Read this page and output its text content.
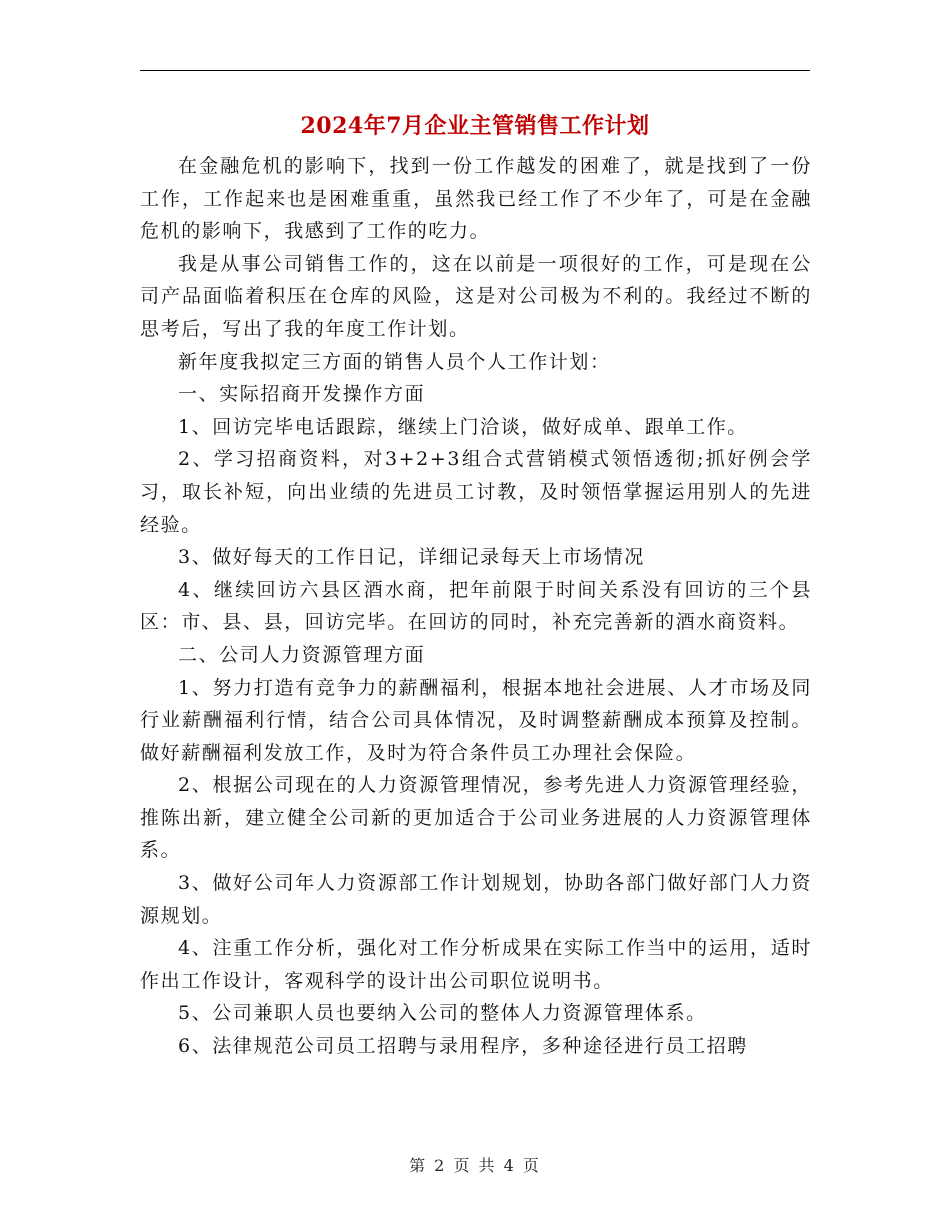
2024年7月企业主管销售工作计划

在金融危机的影响下，找到一份工作越发的困难了，就是找到了一份工作，工作起来也是困难重重，虽然我已经工作了不少年了，可是在金融危机的影响下，我感到了工作的吃力。

我是从事公司销售工作的，这在以前是一项很好的工作，可是现在公司产品面临着积压在仓库的风险，这是对公司极为不利的。我经过不断的思考后，写出了我的年度工作计划。

新年度我拟定三方面的销售人员个人工作计划：

一、实际招商开发操作方面

1、回访完毕电话跟踪，继续上门洽谈，做好成单、跟单工作。

2、学习招商资料，对3+2+3组合式营销模式领悟透彻;抓好例会学习，取长补短，向出业绩的先进员工讨教，及时领悟掌握运用别人的先进经验。

3、做好每天的工作日记，详细记录每天上市场情况

4、继续回访六县区酒水商，把年前限于时间关系没有回访的三个县区：市、县、县，回访完毕。在回访的同时，补充完善新的酒水商资料。

二、公司人力资源管理方面

1、努力打造有竞争力的薪酬福利，根据本地社会进展、人才市场及同行业薪酬福利行情，结合公司具体情况，及时调整薪酬成本预算及控制。做好薪酬福利发放工作，及时为符合条件员工办理社会保险。

2、根据公司现在的人力资源管理情况，参考先进人力资源管理经验，推陈出新，建立健全公司新的更加适合于公司业务进展的人力资源管理体系。

3、做好公司年人力资源部工作计划规划，协助各部门做好部门人力资源规划。

4、注重工作分析，强化对工作分析成果在实际工作当中的运用，适时作出工作设计，客观科学的设计出公司职位说明书。

5、公司兼职人员也要纳入公司的整体人力资源管理体系。

6、法律规范公司员工招聘与录用程序，多种途径进行员工招聘

第 2 页 共 4 页
